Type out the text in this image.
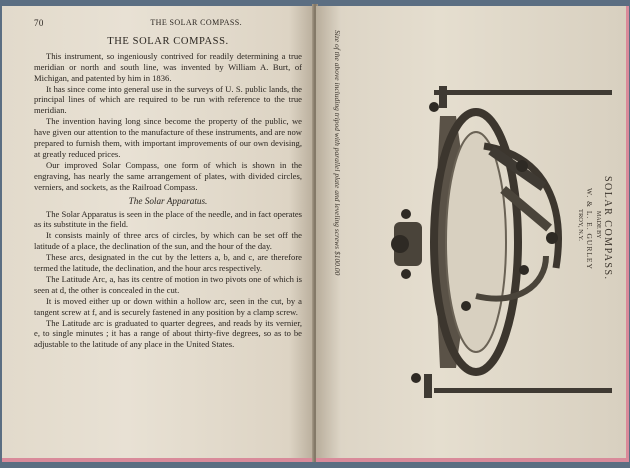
70	THE SOLAR COMPASS.
THE SOLAR COMPASS.

This instrument, so ingeniously contrived for readily determining a true meridian or north and south line, was invented by William A. Burt, of Michigan, and patented by him in 1836.

It has since come into general use in the surveys of U. S. public lands, the principal lines of which are required to be run with reference to the true meridian.

The invention having long since become the property of the public, we have given our attention to the manufacture of these instruments, and are now prepared to furnish them, with important improvements of our own devising, at greatly reduced prices.

Our improved Solar Compass, one form of which is shown in the engraving, has nearly the same arrangement of plates, with divided circles, verniers, and sockets, as the Railroad Compass.

The Solar Apparatus.

The Solar Apparatus is seen in the place of the needle, and in fact operates as its substitute in the field.

It consists mainly of three arcs of circles, by which can be set off the latitude of a place, the declination of the sun, and the hour of the day.

These arcs, designated in the cut by the letters a, b, and c, are therefore termed the latitude, the declination, and the hour arcs respectively.

The Latitude Arc, a, has its centre of motion in two pivots one of which is seen at d, the other is concealed in the cut.

It is moved either up or down within a hollow arc, seen in the cut, by a tangent screw at f, and is securely fastened in any position by a clamp screw.

The Latitude arc is graduated to quarter degrees, and reads by its vernier, e, to single minutes ; it has a range of about thirty-five degrees, so as to be adjustable to the latitude of any place in the United States.

Size of the above including tripod with parallel plate and leveling screws $100.00	SOLAR COMPASS.
MADE BY
W. & L. E. GURLEY
TROY, N.Y.
